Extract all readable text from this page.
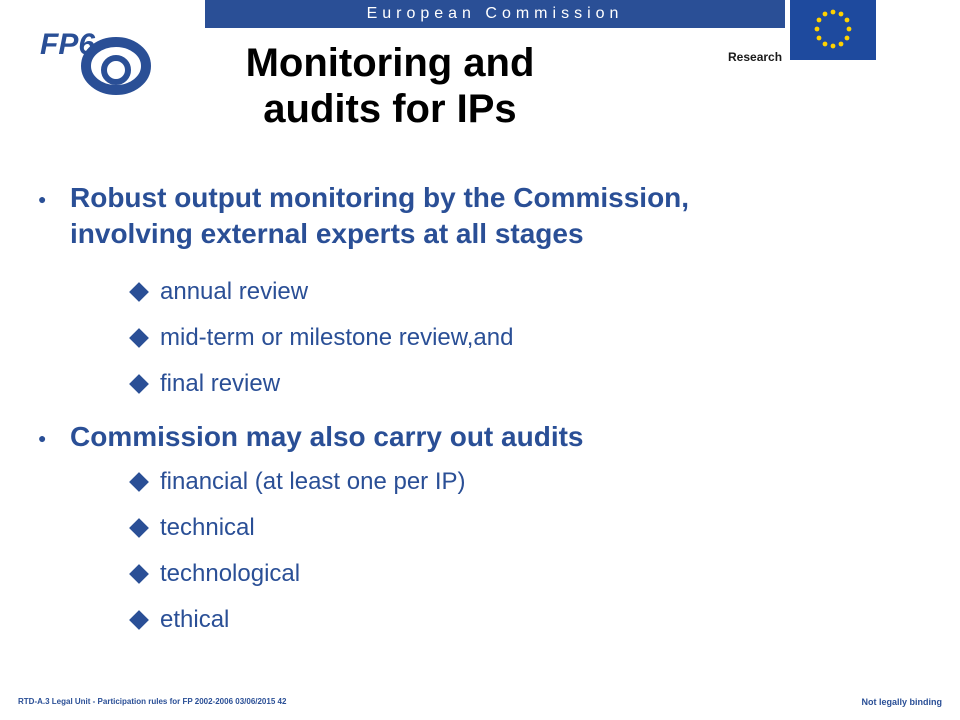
European Commission
Research
FP6	Monitoring and
audits for IPs
● Robust output monitoring by the Commission,
involving external experts at all stages
annual review
mid-term or milestone review,and
final review
● Commission may also carry out audits
financial (at least one per IP)
technical
technological
ethical
RTD-A.3 Legal Unit - Participation rules for FP 2002-2006 03/06/2015 42	Not legally binding
